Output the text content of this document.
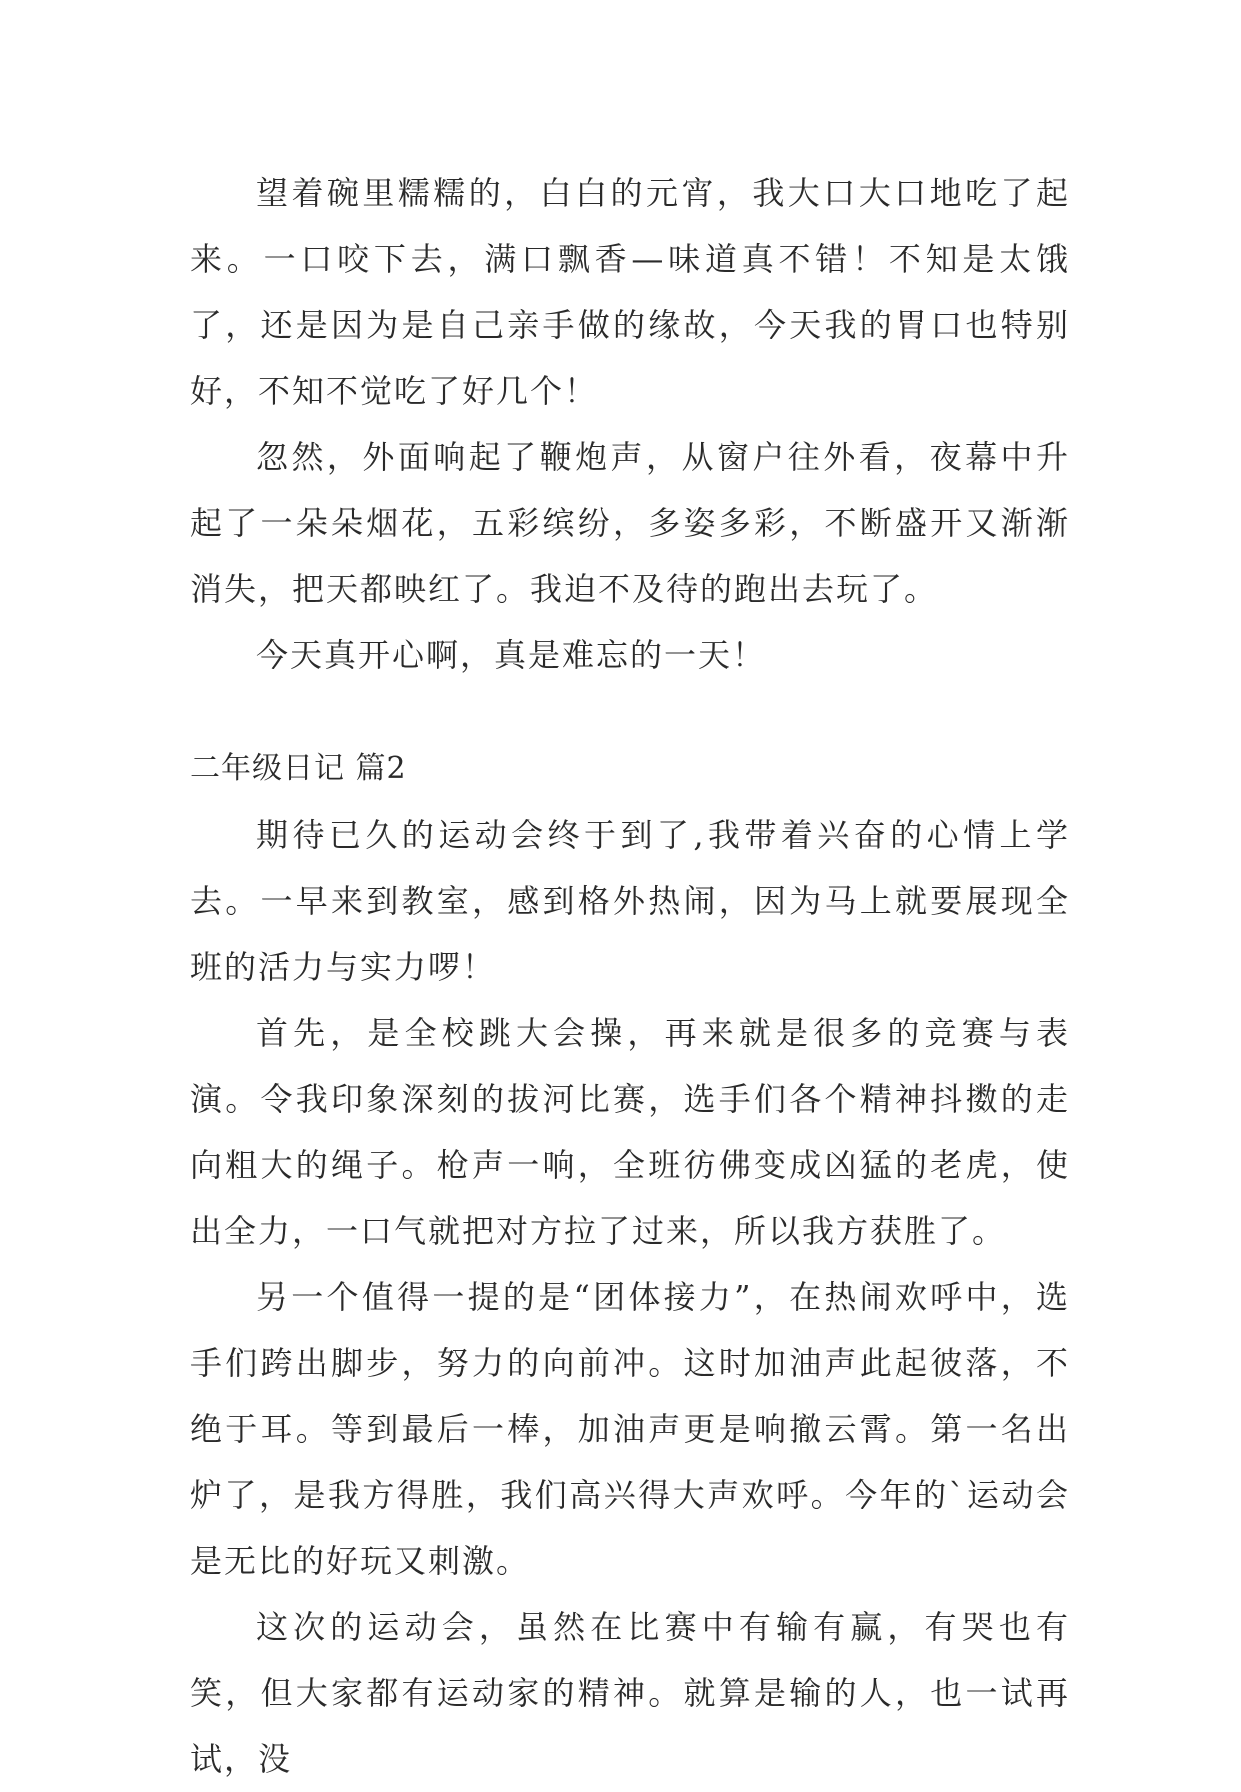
望着碗里糯糯的，白白的元宵，我大口大口地吃了起来。一口咬下去，满口飘香—味道真不错！不知是太饿了，还是因为是自己亲手做的缘故，今天我的胃口也特别好，不知不觉吃了好几个！

忽然，外面响起了鞭炮声，从窗户往外看，夜幕中升起了一朵朵烟花，五彩缤纷，多姿多彩，不断盛开又渐渐消失，把天都映红了。我迫不及待的跑出去玩了。

今天真开心啊，真是难忘的一天！

二年级日记 篇2

期待已久的运动会终于到了,我带着兴奋的心情上学去。一早来到教室，感到格外热闹，因为马上就要展现全班的活力与实力啰！

首先，是全校跳大会操，再来就是很多的竞赛与表演。令我印象深刻的拔河比赛，选手们各个精神抖擞的走向粗大的绳子。枪声一响，全班彷佛变成凶猛的老虎，使出全力，一口气就把对方拉了过来，所以我方获胜了。

另一个值得一提的是“团体接力”，在热闹欢呼中，选手们跨出脚步，努力的向前冲。这时加油声此起彼落，不绝于耳。等到最后一棒，加油声更是响撤云霄。第一名出炉了，是我方得胜，我们高兴得大声欢呼。今年的`运动会是无比的好玩又刺激。

这次的运动会，虽然在比赛中有输有赢，有哭也有笑，但大家都有运动家的精神。就算是输的人，也一试再试，没
